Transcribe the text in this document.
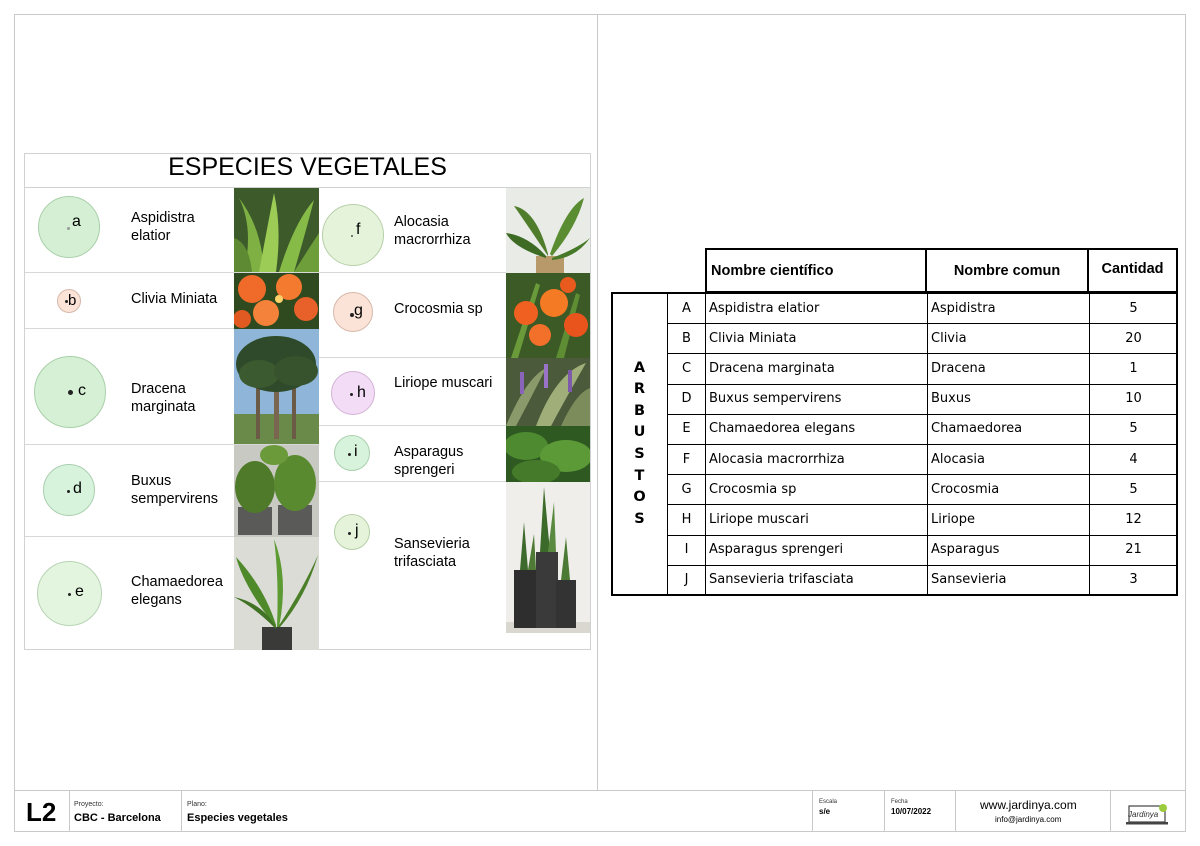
ESPECIES VEGETALES
a	Aspidistra
elatior
b	Clivia Miniata
c	Dracena
marginata
d	Buxus
sempervirens
e
Chamaedorea
elegans
f Alocasia
macrorrhiza
g Crocosmia sp
h
Liriope muscari
i	Asparagus
sprengeri
j
Sansevieria
trifasciata
Nombre científico	Nombre comun	Cantidad
A	Aspidistra elatior	Aspidistra	5
B	Clivia Miniata	Clivia	20
C	Dracena marginata	Dracena	1
D	Buxus sempervirens	Buxus	10
E	Chamaedorea elegans	Chamaedorea	5
F	Alocasia macrorrhiza	Alocasia	4
G	Crocosmia sp	Crocosmia	5
H	Liriope muscari	Liriope	12
I	Asparagus sprengeri	Asparagus	21
J	Sansevieria trifasciata	Sansevieria	3
A
R
B
U
S
T
O
S
L2	Proyecto:
CBC - Barcelona
Plano:
Especies vegetales
Escala
s/e
Fecha
10/07/2022	www.jardinya.com
info@jardinya.com
Jardinya
